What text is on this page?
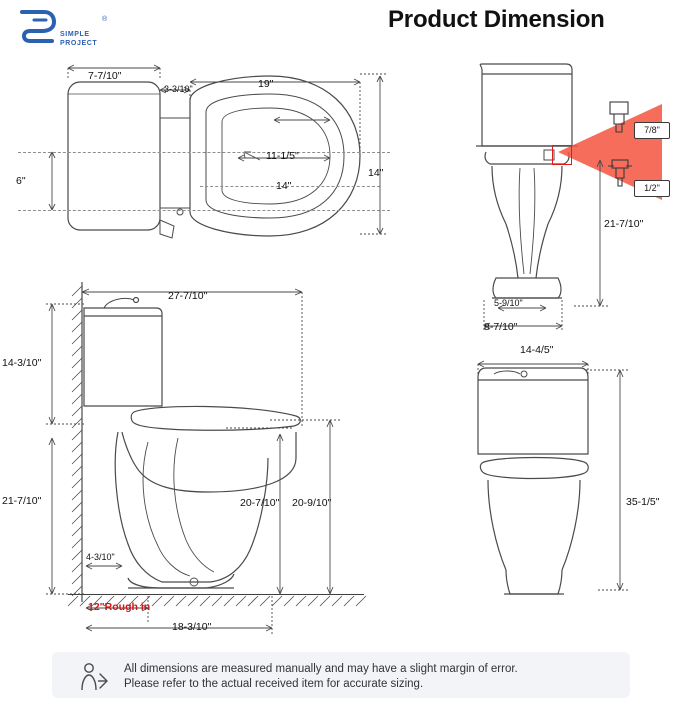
®
SIMPLE
PROJECT
Product Dimension
7-7/10"
3-3/10"	19"
11-1/5"
14"
14"
6"
27-7/10"
14-3/10"
21-7/10"	20-7/10" 20-9/10"
4-3/10"
12"Rough in
18-3/10"
7/8"
1/2"
21-7/10"
5-9/10"
8-7/10"
14-4/5"
35-1/5"
All dimensions are measured manually and may have a slight margin of error.
Please refer to the actual received item for accurate sizing.
